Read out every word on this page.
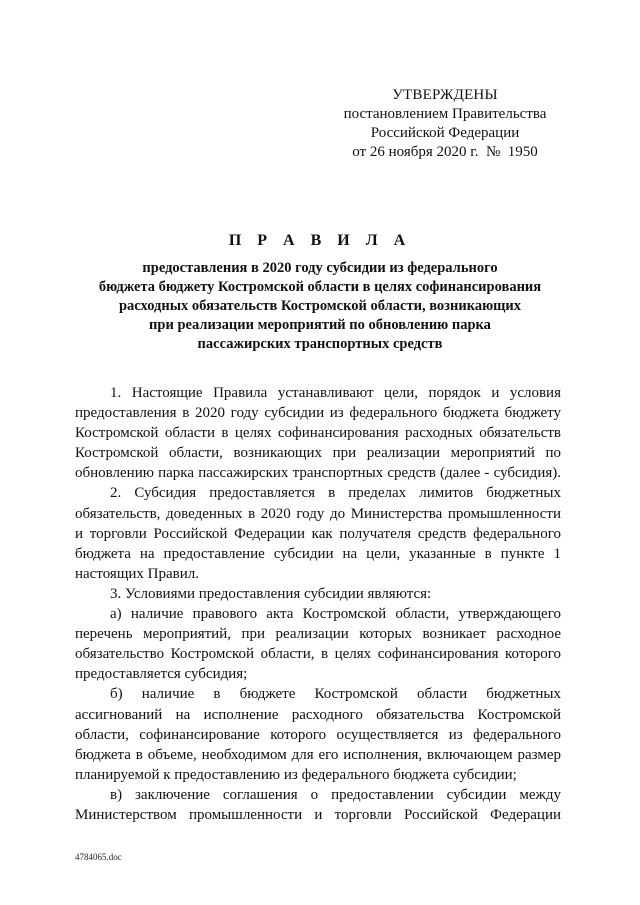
УТВЕРЖДЕНЫ
постановлением Правительства
Российской Федерации
от 26 ноября 2020 г.  №  1950
П Р А В И Л А
предоставления в 2020 году субсидии из федерального
бюджета бюджету Костромской области в целях софинансирования
расходных обязательств Костромской области, возникающих
при реализации мероприятий по обновлению парка
пассажирских транспортных средств
1. Настоящие Правила устанавливают цели, порядок и условия
предоставления в 2020 году субсидии из федерального бюджета бюджету
Костромской области в целях софинансирования расходных обязательств
Костромской области, возникающих при реализации мероприятий по
обновлению парка пассажирских транспортных средств (далее - субсидия).
2. Субсидия предоставляется в пределах лимитов бюджетных
обязательств, доведенных в 2020 году до Министерства промышленности
и торговли Российской Федерации как получателя средств федерального
бюджета на предоставление субсидии на цели, указанные в пункте 1
настоящих Правил.
3. Условиями предоставления субсидии являются:
а) наличие правового акта Костромской области, утверждающего
перечень мероприятий, при реализации которых возникает расходное
обязательство Костромской области, в целях софинансирования которого
предоставляется субсидия;
б) наличие в бюджете Костромской области бюджетных
ассигнований на исполнение расходного обязательства Костромской
области, софинансирование которого осуществляется из федерального
бюджета в объеме, необходимом для его исполнения, включающем размер
планируемой к предоставлению из федерального бюджета субсидии;
в) заключение соглашения о предоставлении субсидии между
Министерством промышленности и торговли Российской Федерации
4784065.doc
